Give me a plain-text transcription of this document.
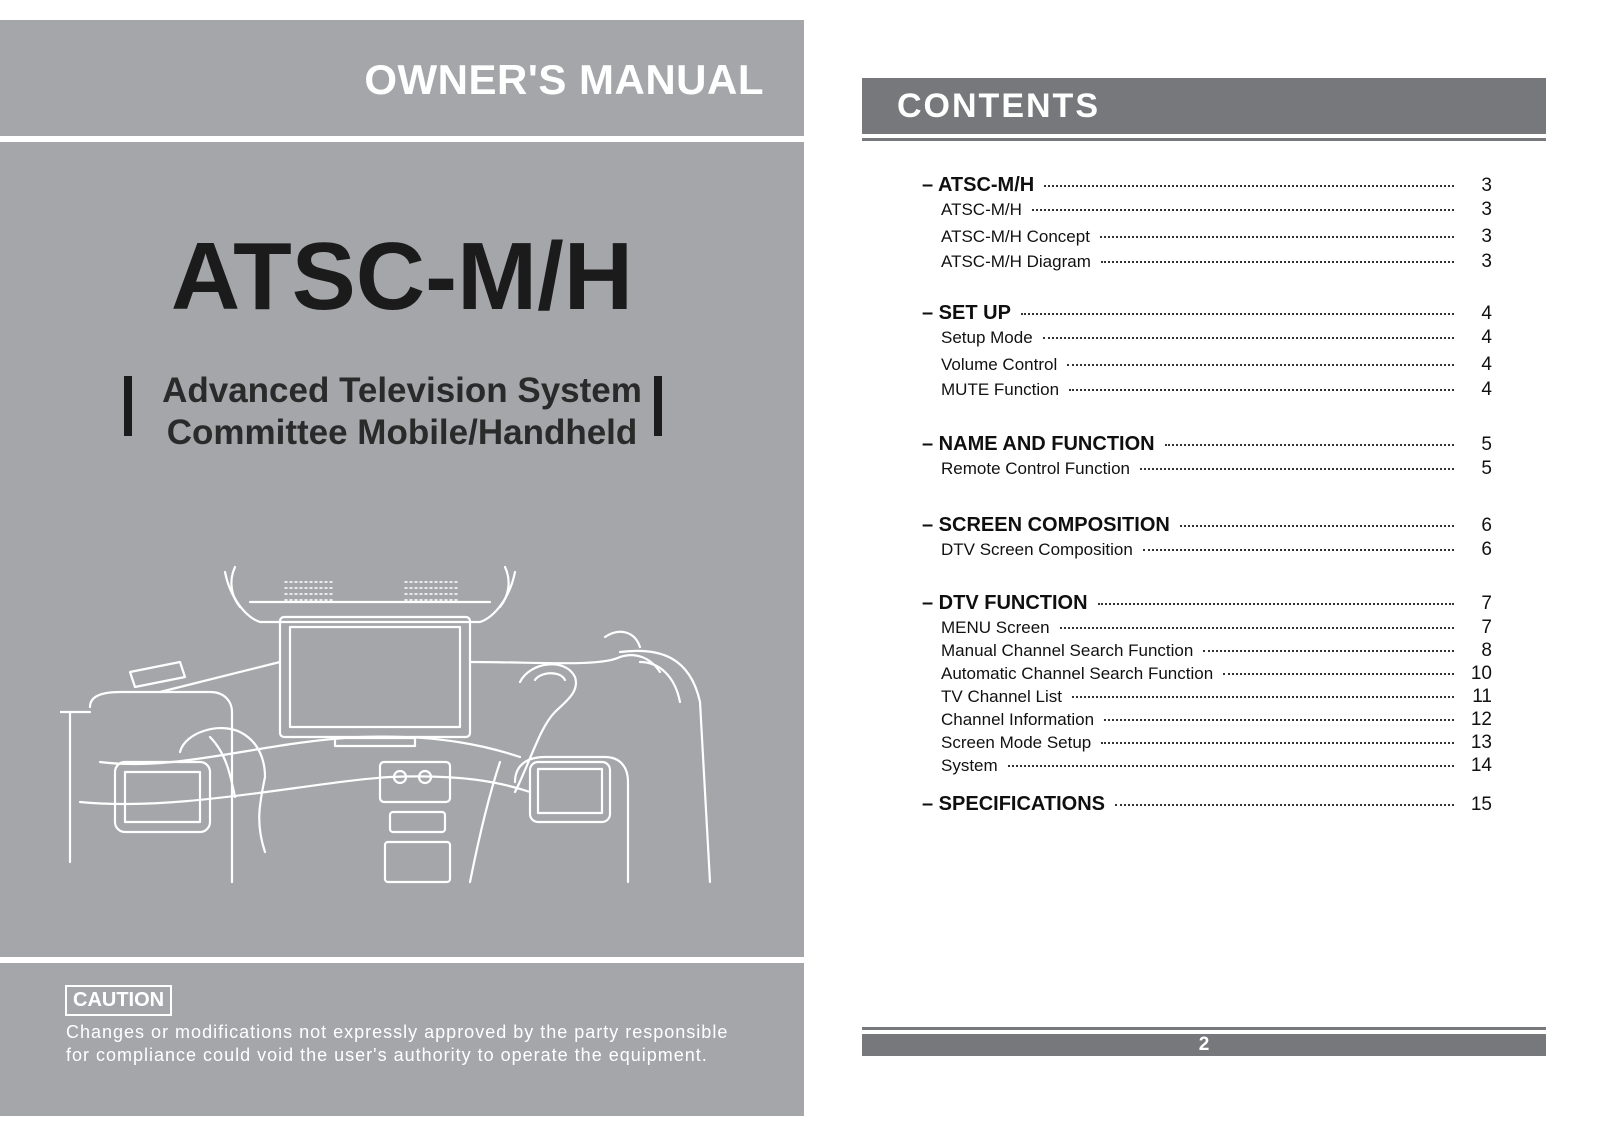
OWNER'S MANUAL
ATSC-M/H
Advanced Television System
Committee Mobile/Handheld
CAUTION
Changes or modifications not expressly approved by the party responsible
for compliance could void the user's authority to operate the equipment.
CONTENTS
– ATSC-M/H	3
ATSC-M/H	3
ATSC-M/H Concept	3
ATSC-M/H Diagram	3
– SET UP	4
Setup Mode	4
Volume Control	4
MUTE Function	4
– NAME AND FUNCTION	5
Remote Control Function	5
– SCREEN COMPOSITION	6
DTV Screen Composition	6
– DTV FUNCTION	7
MENU Screen	7
Manual Channel Search Function	8
Automatic Channel Search Function	10
TV Channel List	11
Channel Information	12
Screen Mode Setup	13
System	14
– SPECIFICATIONS	15
2
